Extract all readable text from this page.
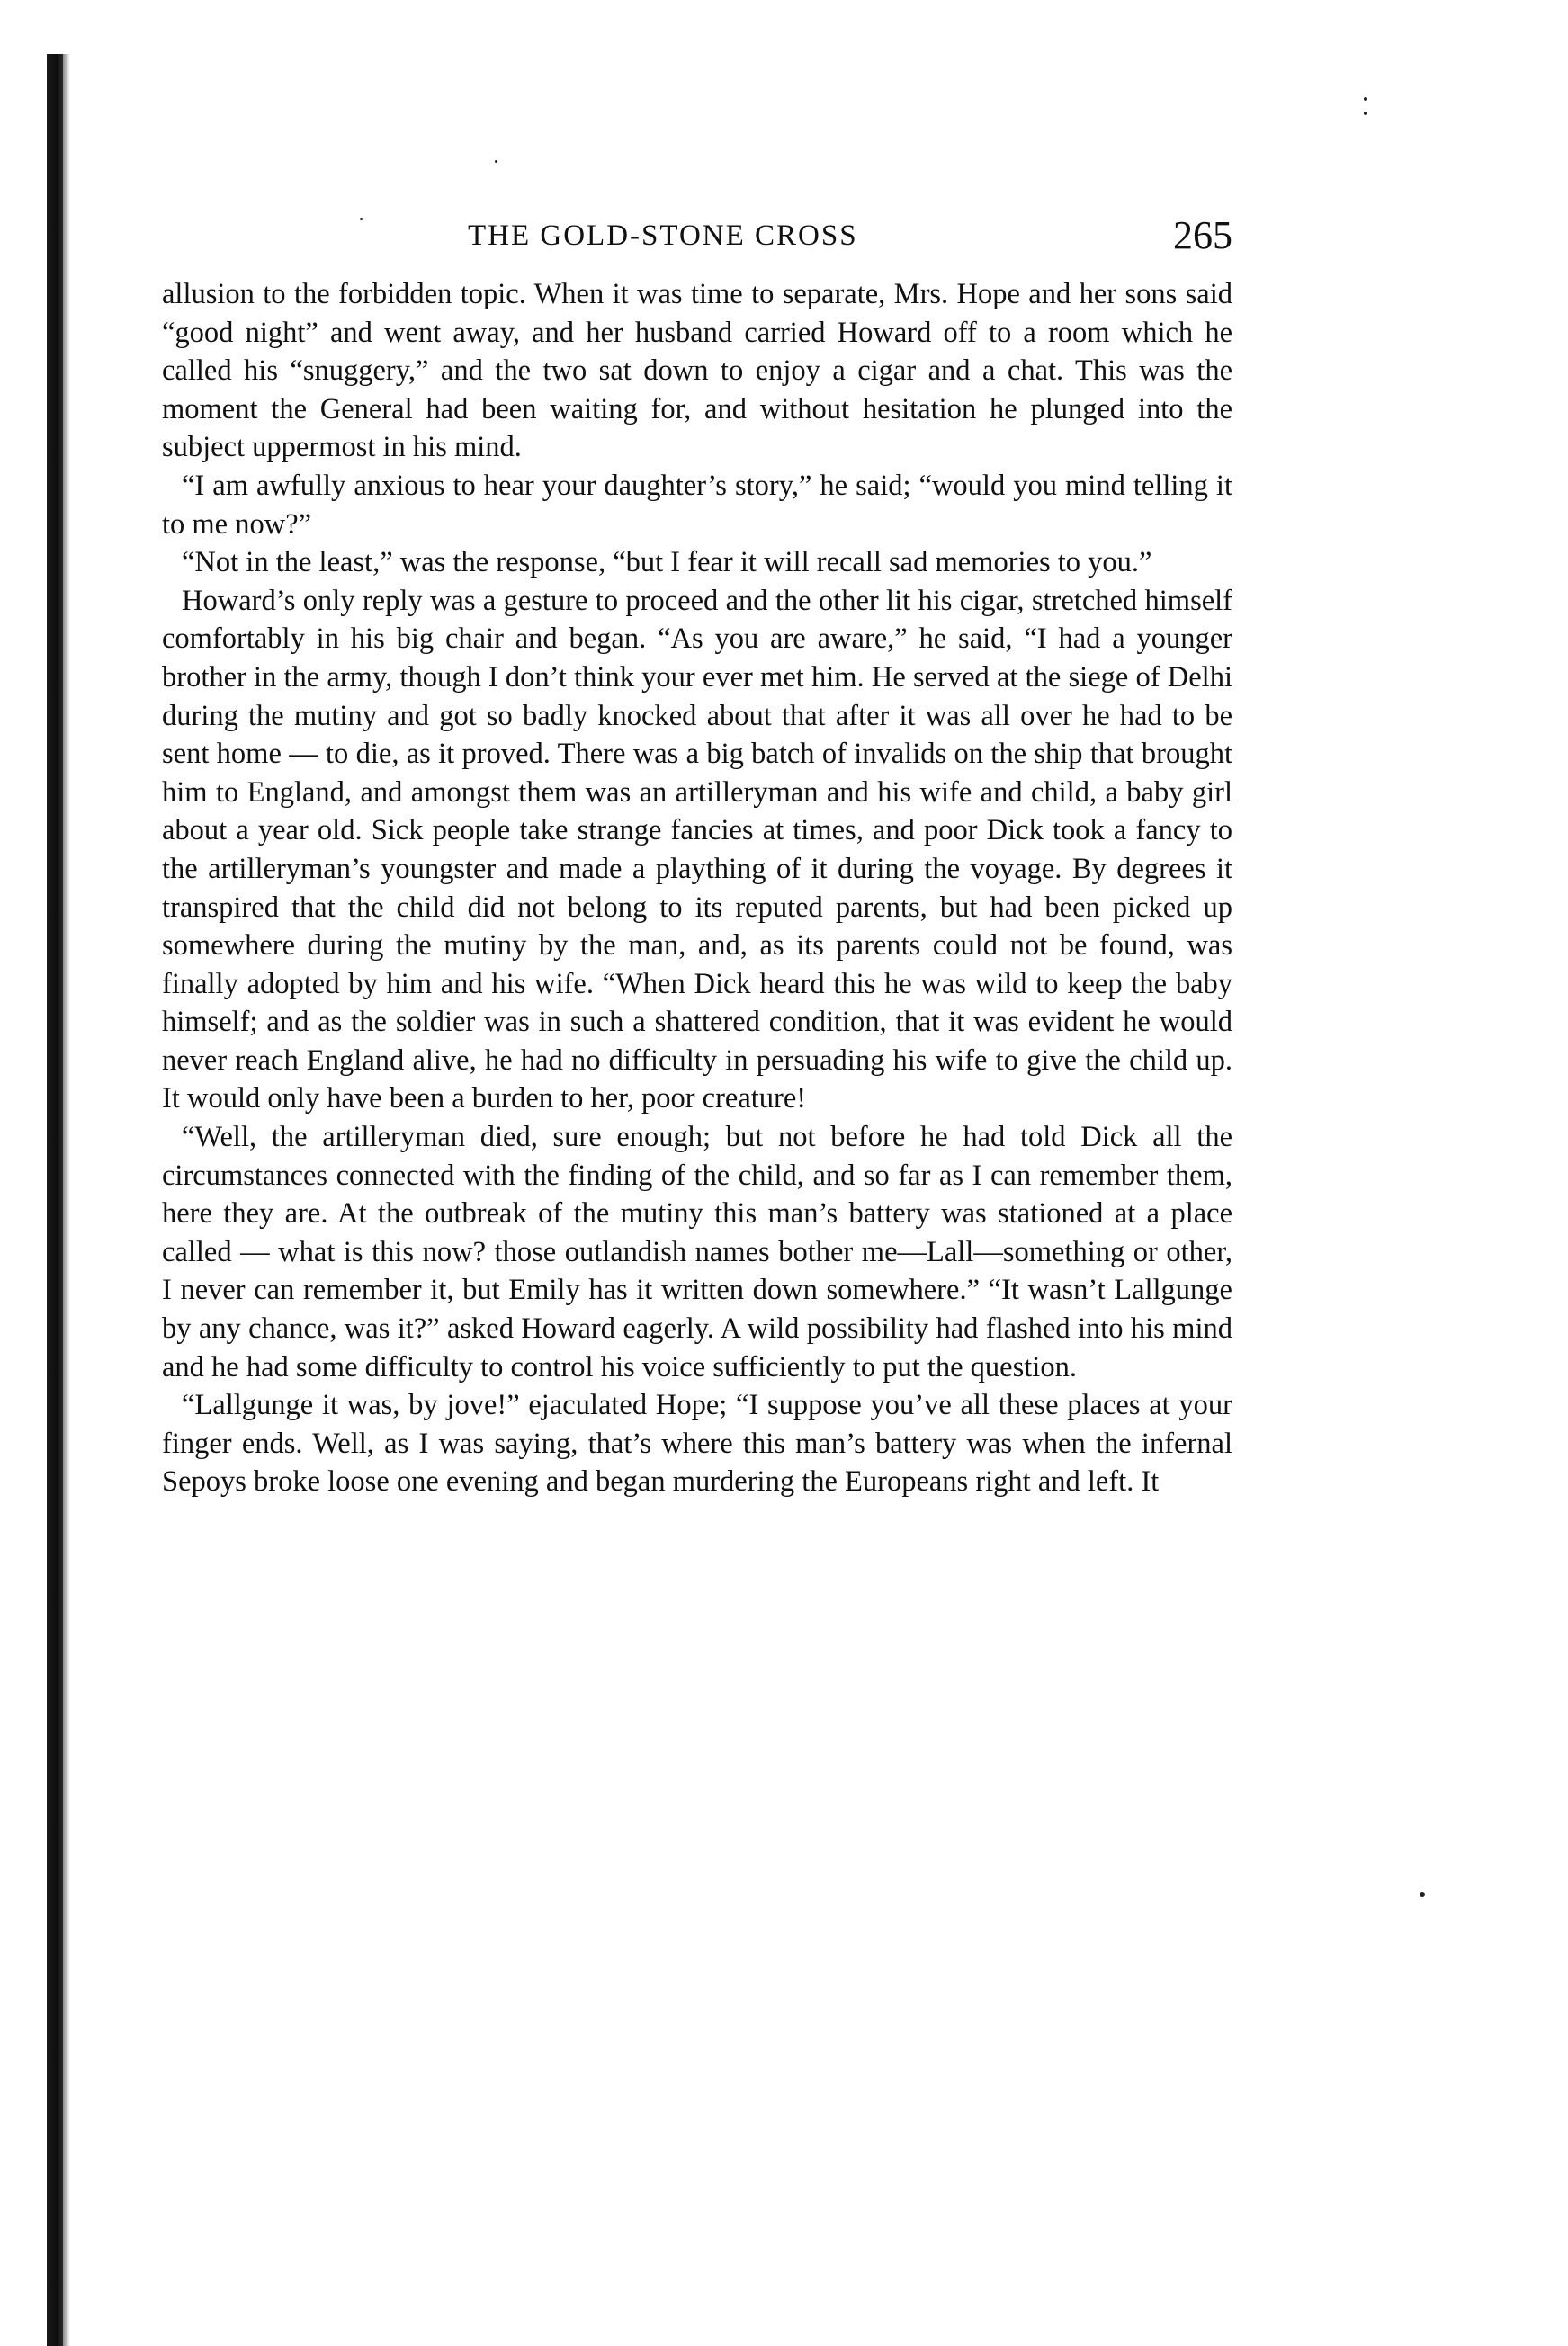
THE GOLD-STONE CROSS	265

allusion to the forbidden topic. When it was time to separate, Mrs. Hope and her sons said “good night” and went away, and her husband carried Howard off to a room which he called his “snuggery,” and the two sat down to enjoy a cigar and a chat. This was the moment the General had been waiting for, and without hesitation he plunged into the subject uppermost in his mind.

“I am awfully anxious to hear your daughter’s story,” he said; “would you mind telling it to me now?”

“Not in the least,” was the response, “but I fear it will recall sad memories to you.”

Howard’s only reply was a gesture to proceed and the other lit his cigar, stretched himself comfortably in his big chair and began. “As you are aware,” he said, “I had a younger brother in the army, though I don’t think your ever met him. He served at the siege of Delhi during the mutiny and got so badly knocked about that after it was all over he had to be sent home — to die, as it proved. There was a big batch of invalids on the ship that brought him to England, and amongst them was an artilleryman and his wife and child, a baby girl about a year old. Sick people take strange fancies at times, and poor Dick took a fancy to the artilleryman’s youngster and made a plaything of it during the voyage. By degrees it transpired that the child did not belong to its reputed parents, but had been picked up somewhere during the mutiny by the man, and, as its parents could not be found, was finally adopted by him and his wife. “When Dick heard this he was wild to keep the baby himself; and as the soldier was in such a shattered condition, that it was evident he would never reach England alive, he had no difficulty in persuading his wife to give the child up. It would only have been a burden to her, poor creature!

“Well, the artilleryman died, sure enough; but not before he had told Dick all the circumstances connected with the finding of the child, and so far as I can remember them, here they are. At the outbreak of the mutiny this man’s battery was stationed at a place called — what is this now? those outlandish names bother me—Lall—something or other, I never can remember it, but Emily has it written down somewhere.” “It wasn’t Lallgunge by any chance, was it?” asked Howard eagerly. A wild possibility had flashed into his mind and he had some difficulty to control his voice sufficiently to put the question.

“Lallgunge it was, by jove!” ejaculated Hope; “I suppose you’ve all these places at your finger ends. Well, as I was saying, that’s where this man’s battery was when the infernal Sepoys broke loose one evening and began murdering the Europeans right and left. It
